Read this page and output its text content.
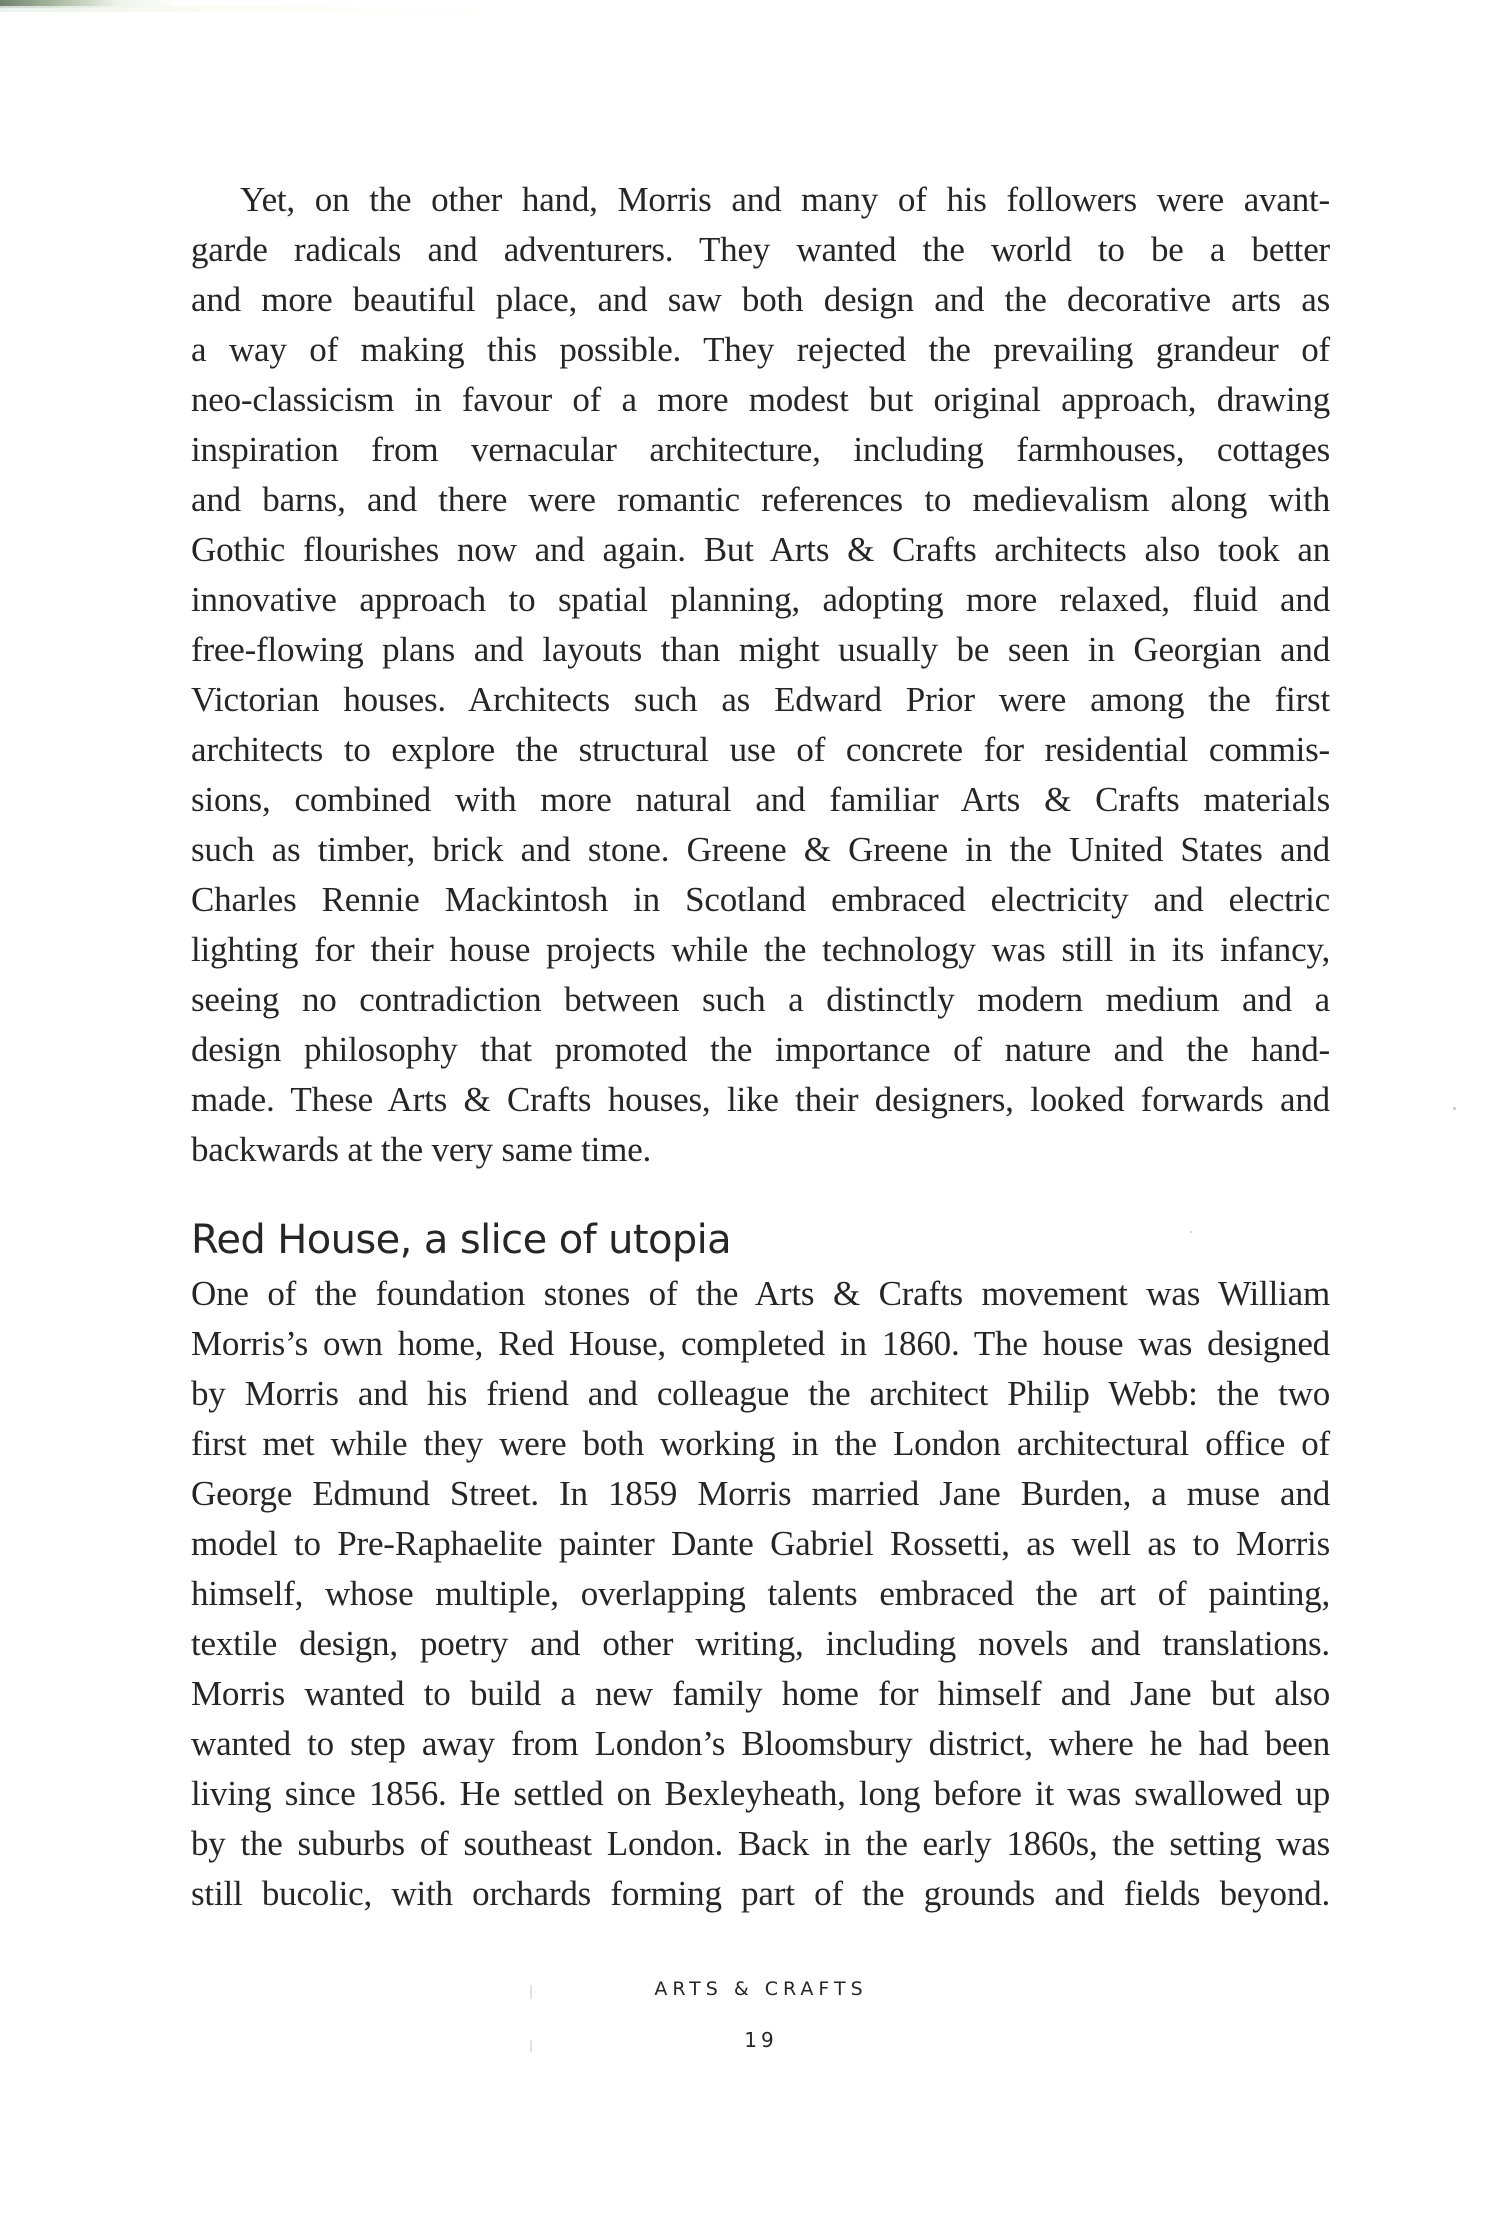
Yet, on the other hand, Morris and many of his followers were avant-
garde radicals and adventurers. They wanted the world to be a better
and more beautiful place, and saw both design and the decorative arts as
a way of making this possible. They rejected the prevailing grandeur of
neo-classicism in favour of a more modest but original approach, drawing
inspiration from vernacular architecture, including farmhouses, cottages
and barns, and there were romantic references to medievalism along with
Gothic flourishes now and again. But Arts & Crafts architects also took an
innovative approach to spatial planning, adopting more relaxed, fluid and
free-flowing plans and layouts than might usually be seen in Georgian and
Victorian houses. Architects such as Edward Prior were among the first
architects to explore the structural use of concrete for residential commis-
sions, combined with more natural and familiar Arts & Crafts materials
such as timber, brick and stone. Greene & Greene in the United States and
Charles Rennie Mackintosh in Scotland embraced electricity and electric
lighting for their house projects while the technology was still in its infancy,
seeing no contradiction between such a distinctly modern medium and a
design philosophy that promoted the importance of nature and the hand-
made. These Arts & Crafts houses, like their designers, looked forwards and
backwards at the very same time.
Red House, a slice of utopia
One of the foundation stones of the Arts & Crafts movement was William
Morris’s own home, Red House, completed in 1860. The house was designed
by Morris and his friend and colleague the architect Philip Webb: the two
first met while they were both working in the London architectural office of
George Edmund Street. In 1859 Morris married Jane Burden, a muse and
model to Pre-Raphaelite painter Dante Gabriel Rossetti, as well as to Morris
himself, whose multiple, overlapping talents embraced the art of painting,
textile design, poetry and other writing, including novels and translations.
Morris wanted to build a new family home for himself and Jane but also
wanted to step away from London’s Bloomsbury district, where he had been
living since 1856. He settled on Bexleyheath, long before it was swallowed up
by the suburbs of southeast London. Back in the early 1860s, the setting was
still bucolic, with orchards forming part of the grounds and fields beyond.
ARTS & CRAFTS
19
